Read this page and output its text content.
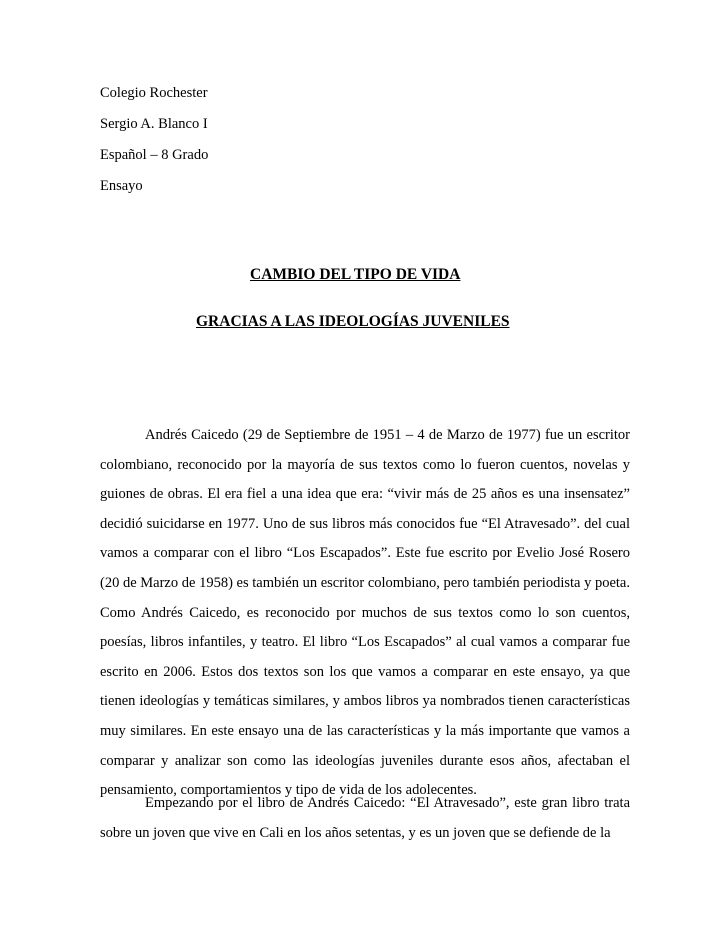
Colegio Rochester
Sergio A. Blanco I
Español – 8 Grado
Ensayo
CAMBIO DEL TIPO DE VIDA
GRACIAS A LAS IDEOLOGÍAS JUVENILES

Andrés Caicedo (29 de Septiembre de 1951 – 4 de Marzo de 1977) fue un escritor colombiano, reconocido por la mayoría de sus textos como lo fueron cuentos, novelas y guiones de obras. El era fiel a una idea que era: “vivir más de 25 años es una insensatez” decidió suicidarse en 1977. Uno de sus libros más conocidos fue “El Atravesado”. del cual vamos a comparar con el libro “Los Escapados”. Este fue escrito por Evelio José Rosero (20 de Marzo de 1958) es también un escritor colombiano, pero también periodista y poeta. Como Andrés Caicedo, es reconocido por muchos de sus textos como lo son cuentos, poesías, libros infantiles, y teatro. El libro “Los Escapados” al cual vamos a comparar fue escrito en 2006. Estos dos textos son los que vamos a comparar en este ensayo, ya que tienen ideologías y temáticas similares, y ambos libros ya nombrados tienen características muy similares. En este ensayo una de las características y la más importante que vamos a comparar y analizar son como las ideologías juveniles durante esos años, afectaban el pensamiento, comportamientos y tipo de vida de los adolecentes.

Empezando por el libro de Andrés Caicedo: “El Atravesado”, este gran libro trata sobre un joven que vive en Cali en los años setentas, y es un joven que se defiende de la
